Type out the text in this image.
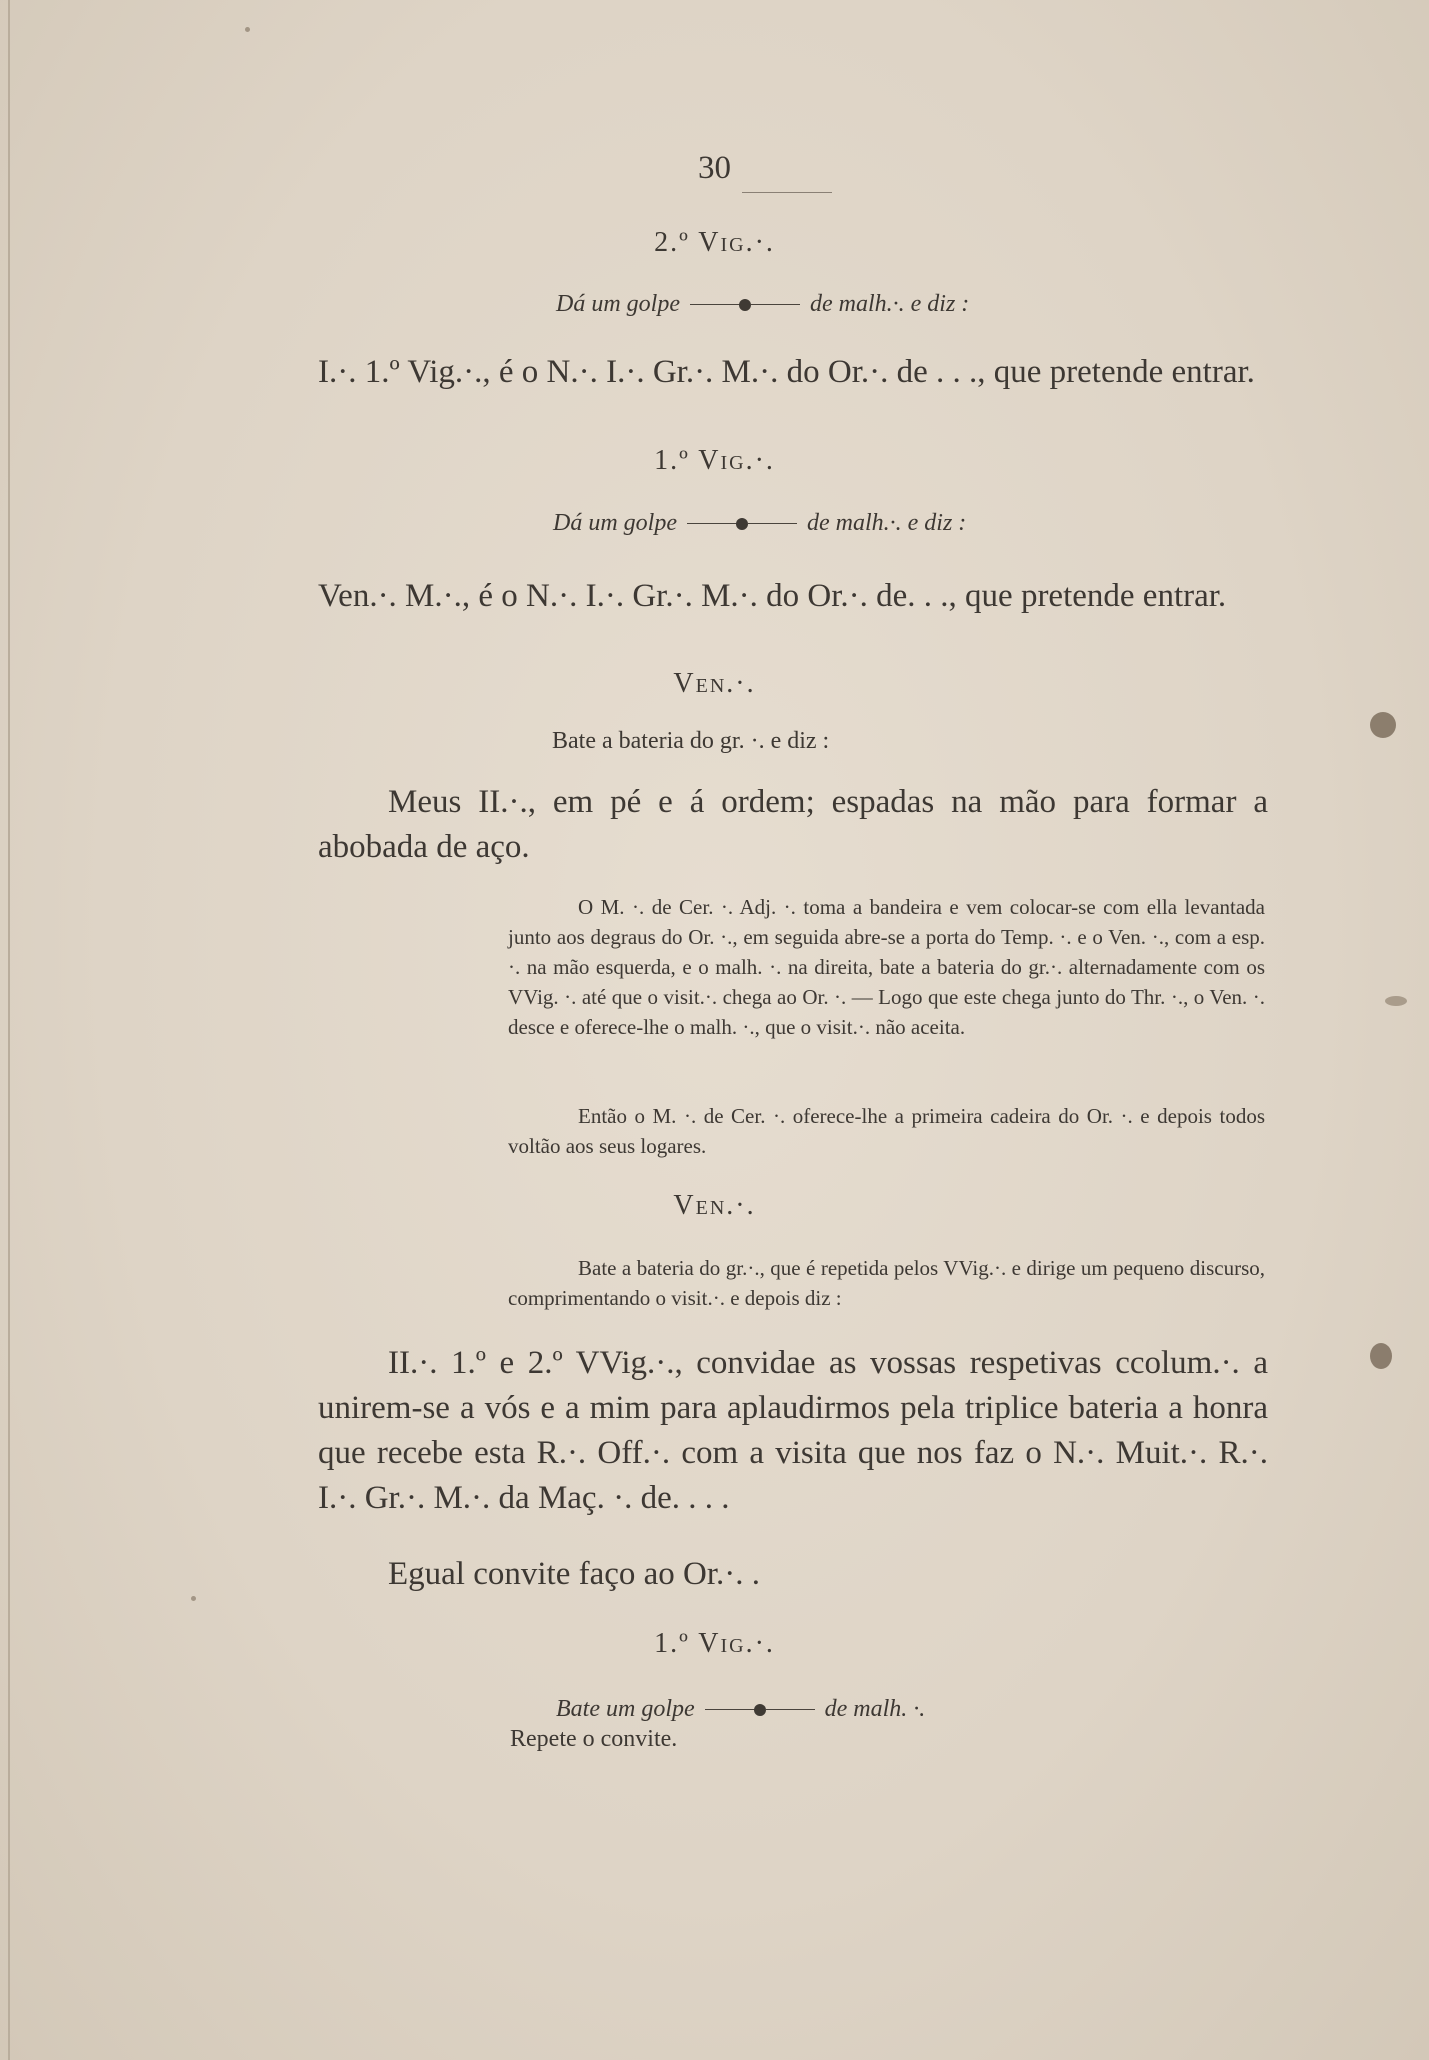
30
2.º Vig.·.
Dá um golpe	de malh.·. e diz :

I.·. 1.º Vig.·., é o N.·. I.·. Gr.·. M.·. do Or.·. de . . ., que pretende entrar.

1.º Vig.·.
Dá um golpe	de malh.·. e diz :

Ven.·. M.·., é o N.·. I.·. Gr.·. M.·. do Or.·. de. . ., que pretende entrar.

Ven.·.
Bate a bateria do gr. ·. e diz :

Meus II.·., em pé e á ordem; espadas na mão para formar a abobada de aço.

O M. ·. de Cer. ·. Adj. ·. toma a bandeira e vem colocar-se com ella levantada junto aos degraus do Or. ·., em seguida abre-se a porta do Temp. ·. e o Ven. ·., com a esp. ·. na mão esquerda, e o malh. ·. na direita, bate a bateria do gr.·. alternadamente com os VVig. ·. até que o visit.·. chega ao Or. ·. — Logo que este chega junto do Thr. ·., o Ven. ·. desce e oferece-lhe o malh. ·., que o visit.·. não aceita.

Então o M. ·. de Cer. ·. oferece-lhe a primeira cadeira do Or. ·. e depois todos voltão aos seus logares.

Ven.·.

Bate a bateria do gr.·., que é repetida pelos VVig.·. e dirige um pequeno discurso, comprimentando o visit.·. e depois diz :

II.·. 1.º e 2.º VVig.·., convidae as vossas respetivas ccolum.·. a unirem-se a vós e a mim para aplaudirmos pela triplice bateria a honra que recebe esta R.·. Off.·. com a visita que nos faz o N.·. Muit.·. R.·. I.·. Gr.·. M.·. da Maç. ·. de. . . .

Egual convite faço ao Or.·. .

1.º Vig.·.
Bate um golpe	de malh. ·.
Repete o convite.
